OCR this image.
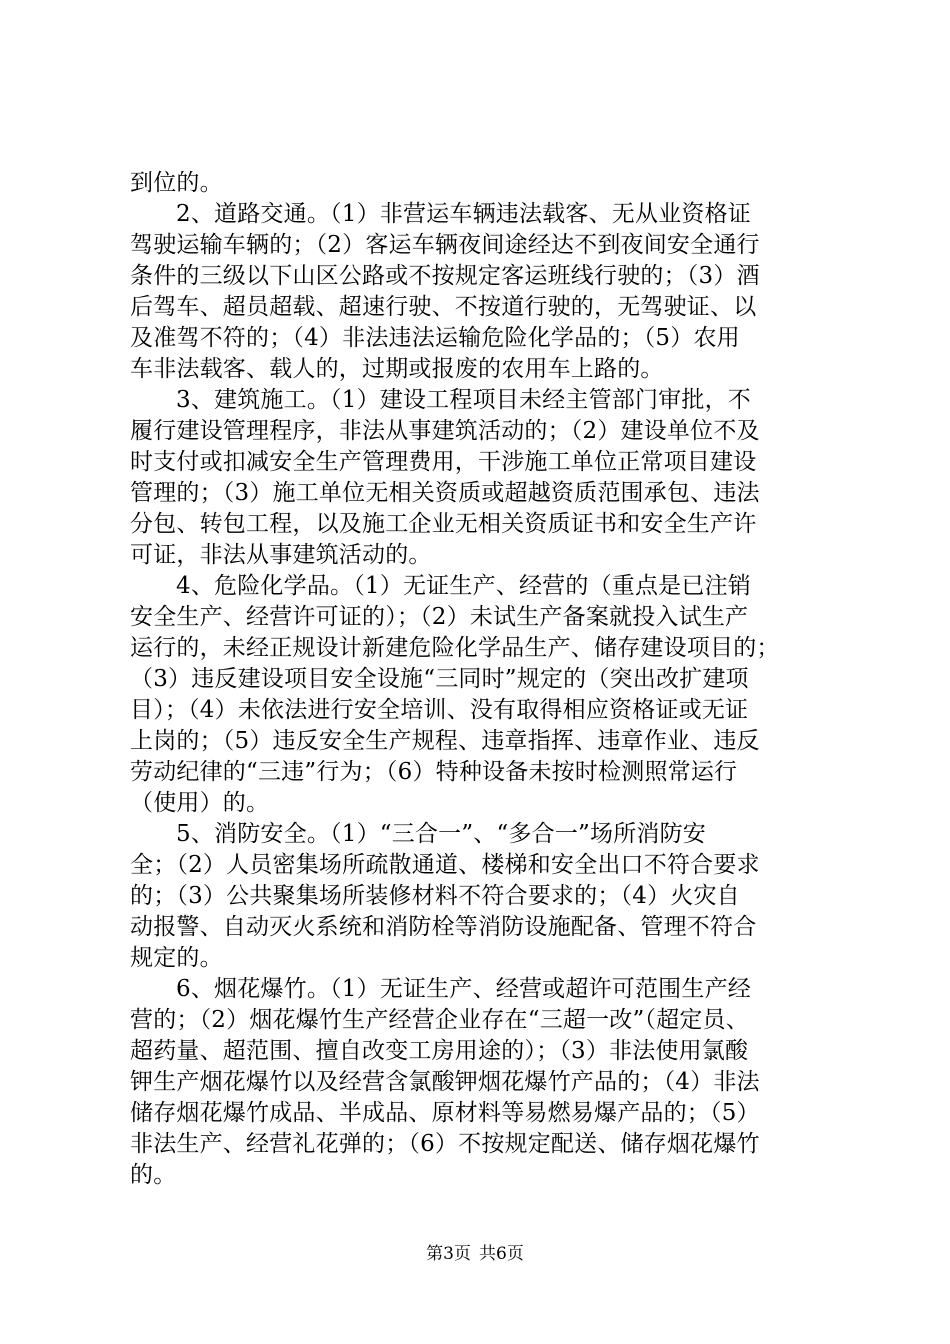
到位的。
2、道路交通。（1）非营运车辆违法载客、无从业资格证
驾驶运输车辆的；（2）客运车辆夜间途经达不到夜间安全通行
条件的三级以下山区公路或不按规定客运班线行驶的；（3）酒
后驾车、超员超载、超速行驶、不按道行驶的，无驾驶证、以
及准驾不符的；（4）非法违法运输危险化学品的；（5）农用
车非法载客、载人的，过期或报废的农用车上路的。
3、建筑施工。（1）建设工程项目未经主管部门审批，不
履行建设管理程序，非法从事建筑活动的；（2）建设单位不及
时支付或扣减安全生产管理费用，干涉施工单位正常项目建设
管理的；（3）施工单位无相关资质或超越资质范围承包、违法
分包、转包工程，以及施工企业无相关资质证书和安全生产许
可证，非法从事建筑活动的。
4、危险化学品。（1）无证生产、经营的（重点是已注销
安全生产、经营许可证的）；（2）未试生产备案就投入试生产
运行的，未经正规设计新建危险化学品生产、储存建设项目的；
（3）违反建设项目安全设施“三同时”规定的（突出改扩建项
目）；（4）未依法进行安全培训、没有取得相应资格证或无证
上岗的；（5）违反安全生产规程、违章指挥、违章作业、违反
劳动纪律的“三违”行为；（6）特种设备未按时检测照常运行
（使用）的。
5、消防安全。（1）“三合一”、“多合一”场所消防安
全；（2）人员密集场所疏散通道、楼梯和安全出口不符合要求
的；（3）公共聚集场所装修材料不符合要求的；（4）火灾自
动报警、自动灭火系统和消防栓等消防设施配备、管理不符合
规定的。
6、烟花爆竹。（1）无证生产、经营或超许可范围生产经
营的；（2）烟花爆竹生产经营企业存在“三超一改”（超定员、
超药量、超范围、擅自改变工房用途的）；（3）非法使用氯酸
钾生产烟花爆竹以及经营含氯酸钾烟花爆竹产品的；（4）非法
储存烟花爆竹成品、半成品、原材料等易燃易爆产品的；（5）
非法生产、经营礼花弹的；（6）不按规定配送、储存烟花爆竹
的。
第3页 共6页
